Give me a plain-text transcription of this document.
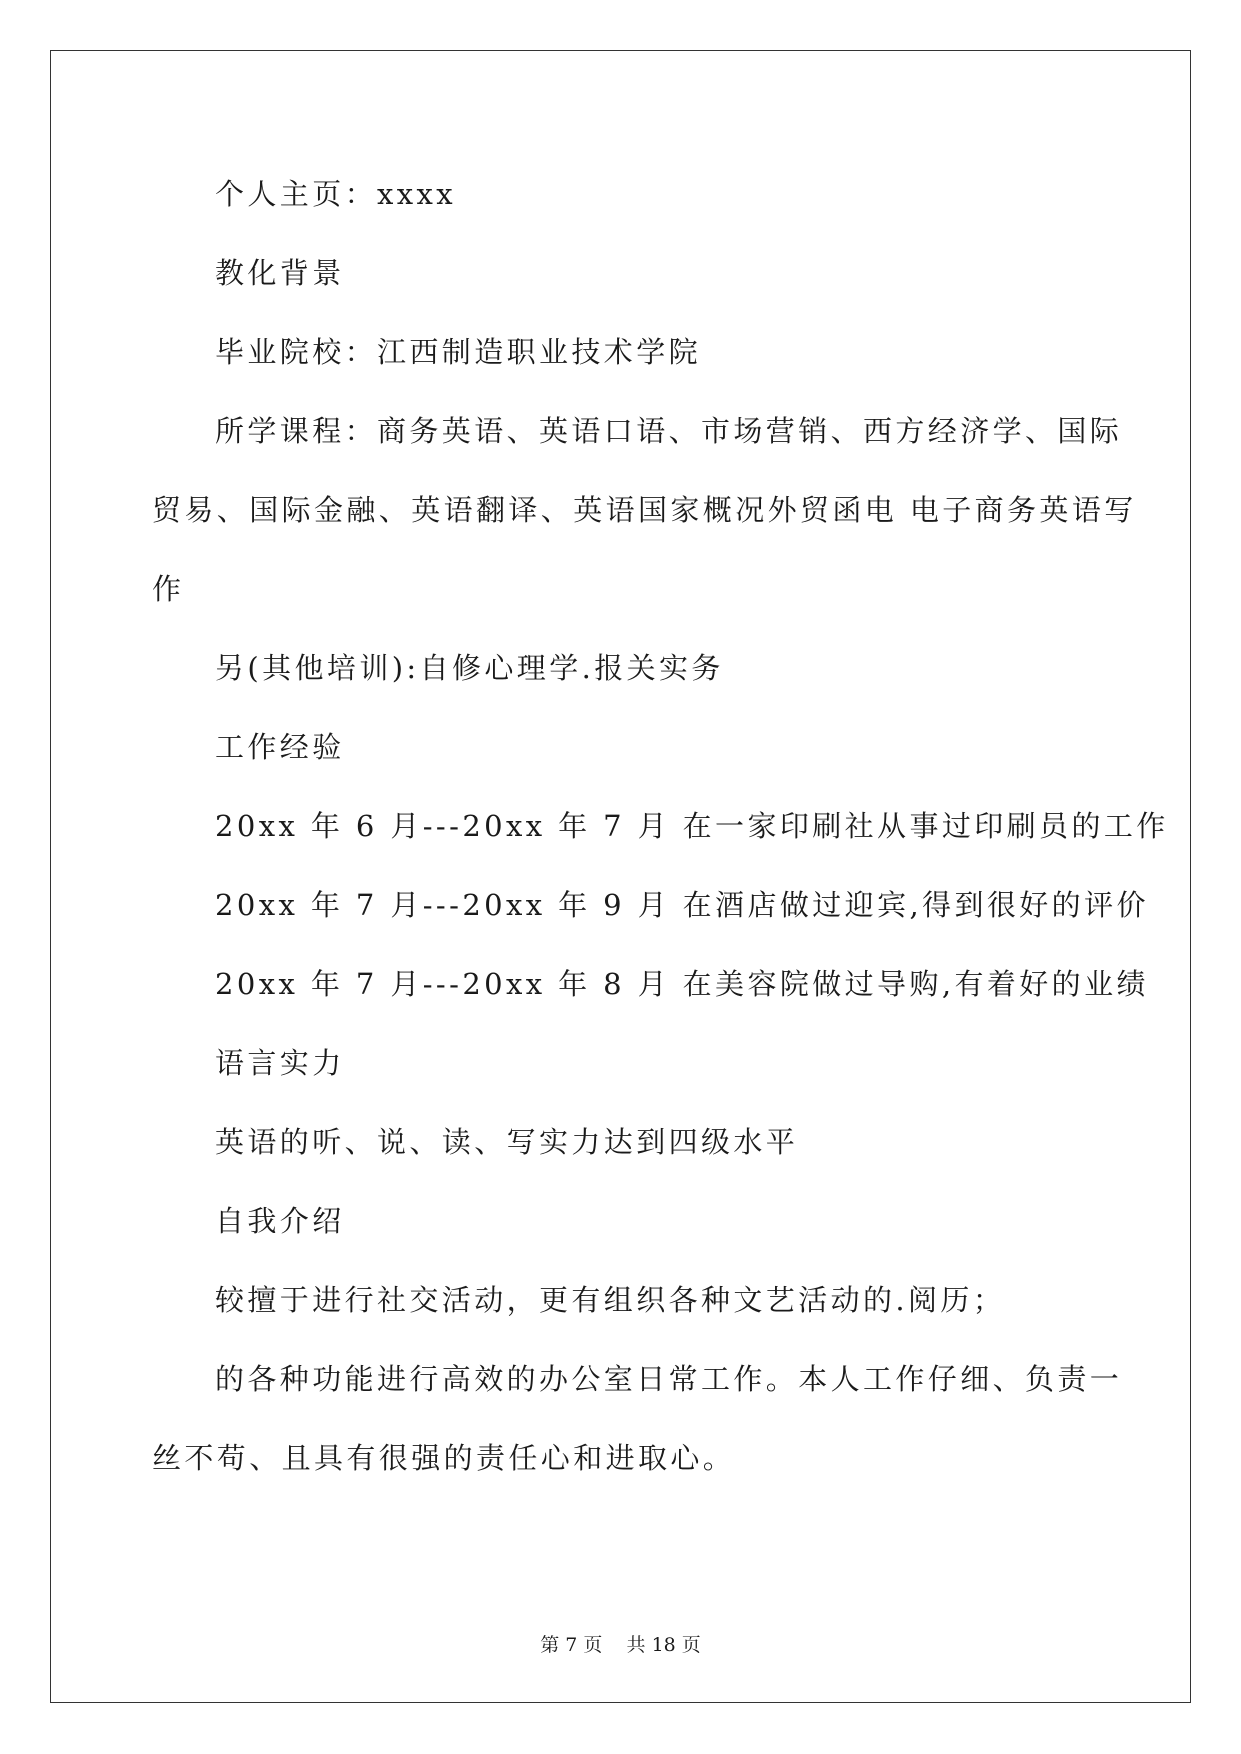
个人主页：xxxx
教化背景
毕业院校：江西制造职业技术学院
所学课程：商务英语、英语口语、市场营销、西方经济学、国际
贸易、国际金融、英语翻译、英语国家概况外贸函电 电子商务英语写
作
另(其他培训):自修心理学.报关实务
工作经验
20xx 年 6 月---20xx 年 7 月 在一家印刷社从事过印刷员的工作
20xx 年 7 月---20xx 年 9 月 在酒店做过迎宾,得到很好的评价
20xx 年 7 月---20xx 年 8 月 在美容院做过导购,有着好的业绩
语言实力
英语的听、说、读、写实力达到四级水平
自我介绍
较擅于进行社交活动，更有组织各种文艺活动的.阅历；
的各种功能进行高效的办公室日常工作。本人工作仔细、负责一
丝不苟、且具有很强的责任心和进取心。
第 7 页    共 18 页
